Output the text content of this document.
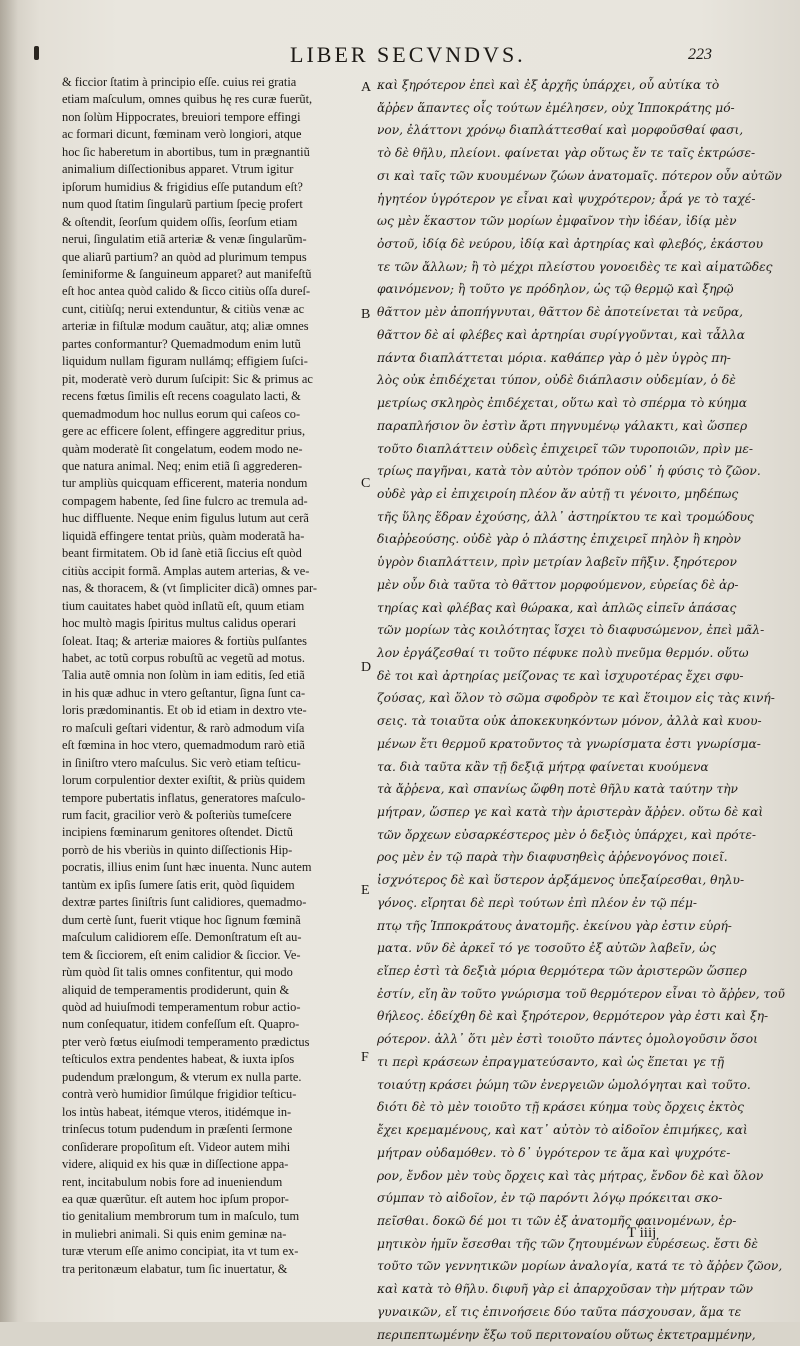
LIBER SECVNDVS.	223
& ficcior ſtatim à principio eſſe. cuius rei gratia
etiam maſculum, omnes quibus hę res curæ fuerũt,
non ſolùm Hippocrates, breuiori tempore effingi
ac formari dicunt, fœminam verò longiori, atque
hoc ſic haberetum in abortibus, tum in prægnantiũ
animalium diſſectionibus apparet. Vtrum igitur
ipſorum humidius & frigidius eſſe putandum eſt?
num quod ſtatim ſingularũ partium ſpecie̱ profert
& oſtendit, ſeorſum quidem oſſis, ſeorſum etiam
nerui, ſingulatim etiã arteriæ & venæ ſingularũm-
que aliarũ partium? an quòd ad plurimum tempus
ſeminiforme & ſanguineum apparet? aut manifeſtũ
eſt hoc antea quòd calido & ſicco citiùs oſſa dureſ-
cunt, citiùſq; nerui extenduntur, & citiùs venæ ac
arteriæ in fiſtulæ modum cauãtur, atq; aliæ omnes
partes conformantur? Quemadmodum enim lutũ
liquidum nullam figuram nullámq; effigiem ſuſci-
pit, moderatè verò durum ſuſcipit: Sic & primus ac
recens fœtus ſimilis eſt recens coagulato lacti, &
quemadmodum hoc nullus eorum qui caſeos co-
gere ac efficere ſolent, effingere aggreditur prius,
quàm moderatè ſit congelatum, eodem modo ne-
que natura animal. Neq; enim etiã ſi aggrederen-
tur ampliùs quicquam efficerent, materia nondum
compagem habente, ſed ſine fulcro ac tremula ad-
huc diffluente. Neque enim figulus lutum aut cerã
liquidã effingere tentat priùs, quàm moderatã ha-
beant firmitatem. Ob id ſanè etiã ſiccius eſt quòd
citiùs accipit formã. Amplas autem arterias, & ve-
nas, & thoracem, & (vt ſimpliciter dicã) omnes par-
tium cauitates habet quòd inſlatũ eſt, quum etiam
hoc multò magis ſpiritus multus calidus operari
ſoleat. Itaq; & arteriæ maiores & fortiùs pulſantes
habet, ac totũ corpus robuſtũ ac vegetũ ad motus.
Talia autẽ omnia non ſolùm in iam editis, ſed etiã
in his quæ adhuc in vtero geſtantur, ſigna ſunt ca-
loris prædominantis. Et ob id etiam in dextro vte-
ro maſculi geſtari videntur, & rarò admodum viſa
eſt fœmina in hoc vtero, quemadmodum rarò etiã
in ſiniſtro vtero maſculus. Sic verò etiam teſticu-
lorum corpulentior dexter exiſtit, & priùs quidem
tempore pubertatis inflatus, generatores maſculo-
rum facit, gracilior verò & poſteriùs tumeſcere
incipiens fœminarum genitores oſtendet. Dictũ
porrò de his vberiùs in quinto diſſectionis Hip-
pocratis, illius enim ſunt hæc inuenta. Nunc autem
tantùm ex ipſis ſumere ſatis erit, quòd ſiquidem
dextræ partes ſiniſtris ſunt calidiores, quemadmo-
dum certè ſunt, fuerit vtique hoc ſignum fœminã
maſculum calidiorem eſſe. Demonſtratum eſt au-
tem & ſicciorem, eſt enim calidior & ſiccior. Ve-
rùm quòd ſit talis omnes confitentur, qui modo
aliquid de temperamentis prodiderunt, quin &
quòd ad huiuſmodi temperamentum robur actio-
num conſequatur, itidem confeſſum eſt. Quapro-
pter verò fœtus eiuſmodi temperamento prædictus
teſticulos extra pendentes habeat, & iuxta ipſos
pudendum prælongum, & vterum ex nulla parte.
contrà verò humidior ſimúlque frigidior teſticu-
los intùs habeat, itémque vteros, itidémque in-
trinſecus totum pudendum in præſenti ſermone
conſiderare propoſitum eſt. Videor autem mihi
videre, aliquid ex his quæ in diſſectione appa-
rent, incitabulum nobis fore ad inueniendum
ea quæ quærũtur. eſt autem hoc ipſum propor-
tio genitalium membrorum tum in maſculo, tum
in muliebri animali. Si quis enim geminæ na-
turæ vterum eſſe animo concipiat, ita vt tum ex-
tra peritonæum elabatur, tum ſic inuertatur, &
A
B
C
D
E
F
καὶ ξηρότερον ἐπεὶ καὶ ἐξ ἀρχῆς ὑπάρχει, οὗ αὐτίκα τὸ
ἄῤῥεν ἅπαντες οἷς τούτων ἐμέλησεν, οὐχ Ἱπποκράτης μό-
νον, ἐλάττονι χρόνῳ διαπλάττεσθαί καὶ μορφοῦσθαί φασι,
τὸ δὲ θῆλυ, πλείονι. φαίνεται γὰρ οὕτως ἔν τε ταῖς ἐκτρώσε-
σι καὶ ταῖς τῶν κυουμένων ζώων ἀνατομαῖς. πότερον οὖν αὐτῶν
ἡγητέον ὑγρότερον γε εἶναι καὶ ψυχρότερον; ἆρά γε τὸ ταχέ-
ως μὲν ἕκαστον τῶν μορίων ἐμφαῖνον τὴν ἰδέαν, ἰδίᾳ μὲν
ὀστοῦ, ἰδίᾳ δὲ νεύρου, ἰδίᾳ καὶ ἀρτηρίας καὶ φλεβός, ἑκάστου
τε τῶν ἄλλων; ἢ τὸ μέχρι πλείστου γονοειδὲς τε καὶ αἱματῶδες
φαινόμενον; ἢ τοῦτο γε πρόδηλον, ὡς τῷ θερμῷ καὶ ξηρῷ
θᾶττον μὲν ἀποπήγνυται, θᾶττον δὲ ἀποτείνεται τὰ νεῦρα,
θᾶττον δὲ αἱ φλέβες καὶ ἀρτηρίαι συρίγγοῦνται, καὶ τἆλλα
πάντα διαπλάττεται μόρια. καθάπερ γὰρ ὁ μὲν ὑγρὸς πη-
λὸς οὐκ ἐπιδέχεται τύπον, οὐδὲ διάπλασιν οὐδεμίαν, ὁ δὲ
μετρίως σκληρὸς ἐπιδέχεται, οὕτω καὶ τὸ σπέρμα τὸ κύημα
παραπλήσιον ὂν ἐστὶν ἄρτι πηγνυμένῳ γάλακτι, καὶ ὥσπερ
τοῦτο διαπλάττειν οὐδεὶς ἐπιχειρεῖ τῶν τυροποιῶν, πρὶν με-
τρίως παγῆναι, κατὰ τὸν αὐτὸν τρόπον οὐδ᾽ ἡ φύσις τὸ ζῶον.
οὐδὲ γὰρ εἰ ἐπιχειροίη πλέον ἄν αὐτῇ τι γένοιτο, μηδέπως
τῆς ὕλης ἕδραν ἐχούσης, ἀλλ᾽ ἀστηρίκτου τε καὶ τρομώδους
διαῤῥεούσης. οὐδὲ γὰρ ὁ πλάστης ἐπιχειρεῖ πηλὸν ἢ κηρὸν
ὑγρὸν διαπλάττειν, πρὶν μετρίαν λαβεῖν πῆξιν. ξηρότερον
μὲν οὖν διὰ ταῦτα τὸ θᾶττον μορφούμενον, εὐρείας δὲ ἀρ-
τηρίας καὶ φλέβας καὶ θώρακα, καὶ ἁπλῶς εἰπεῖν ἁπάσας
τῶν μορίων τὰς κοιλότητας ἴσχει τὸ διαφυσώμενον, ἐπεὶ μᾶλ-
λον ἐργάζεσθαί τι τοῦτο πέφυκε πολὺ πνεῦμα θερμόν. οὕτω
δὲ τοι καὶ ἀρτηρίας μείζονας τε καὶ ἰσχυροτέρας ἔχει σφυ-
ζούσας, καὶ ὅλον τὸ σῶμα σφοδρὸν τε καὶ ἕτοιμον εἰς τὰς κινή-
σεις. τὰ τοιαῦτα οὐκ ἀποκεκυηκόντων μόνον, ἀλλὰ καὶ κυου-
μένων ἔτι θερμοῦ κρατοῦντος τὰ γνωρίσματα ἐστι γνωρίσμα-
τα. διὰ ταῦτα κἂν τῇ δεξιᾷ μήτρᾳ φαίνεται κυούμενα
τὰ ἄῤῥενα, καὶ σπανίως ὤφθη ποτὲ θῆλυ κατὰ ταύτην τὴν
μήτραν, ὥσπερ γε καὶ κατὰ τὴν ἀριστερὰν ἄῤῥεν. οὕτω δὲ καὶ
τῶν ὄρχεων εὐσαρκέστερος μὲν ὁ δεξιὸς ὑπάρχει, καὶ πρότε-
ρος μὲν ἐν τῷ παρὰ τὴν διαφυσηθεὶς ἀῤῥενογόνος ποιεῖ.
ἰσχνότερος δὲ καὶ ὕστερον ἀρξάμενος ὑπεξαίρεσθαι, θηλυ-
γόνος. εἴρηται δὲ περὶ τούτων ἐπὶ πλέον ἐν τῷ πέμ-
πτῳ τῆς Ἱπποκράτους ἀνατομῆς. ἐκείνου γὰρ ἐστιν εὑρή-
ματα. νῦν δὲ ἀρκεῖ τό γε τοσοῦτο ἐξ αὐτῶν λαβεῖν, ὡς
εἴπερ ἐστὶ τὰ δεξιὰ μόρια θερμότερα τῶν ἀριστερῶν ὥσπερ
ἐστίν, εἴη ἂν τοῦτο γνώρισμα τοῦ θερμότερον εἶναι τὸ ἄῤῥεν, τοῦ
θήλεος. ἐδείχθη δὲ καὶ ξηρότερον, θερμότερον γὰρ ἐστι καὶ ξη-
ρότερον. ἀλλ᾽ ὅτι μὲν ἐστὶ τοιοῦτο πάντες ὁμολογοῦσιν ὅσοι
τι περὶ κράσεων ἐπραγματεύσαντο, καὶ ὡς ἕπεται γε τῇ
τοιαύτῃ κράσει ῥώμη τῶν ἐνεργειῶν ὡμολόγηται καὶ τοῦτο.
διότι δὲ τὸ μὲν τοιοῦτο τῇ κράσει κύημα τοὺς ὄρχεις ἐκτὸς
ἔχει κρεμαμένους, καὶ κατ᾽ αὐτὸν τὸ αἰδοῖον ἐπιμήκες, καὶ
μήτραν οὐδαμόθεν. τὸ δ᾽ ὑγρότερον τε ἅμα καὶ ψυχρότε-
ρον, ἔνδον μὲν τοὺς ὄρχεις καὶ τὰς μήτρας, ἔνδον δὲ καὶ ὅλον
σύμπαν τὸ αἰδοῖον, ἐν τῷ παρόντι λόγῳ πρόκειται σκο-
πεῖσθαι. δοκῶ δέ μοι τι τῶν ἐξ ἀνατομῆς φαινομένων, ἑρ-
μητικὸν ἡμῖν ἔσεσθαι τῆς τῶν ζητουμένων εὑρέσεως. ἔστι δὲ
τοῦτο τῶν γεννητικῶν μορίων ἀναλογία, κατά τε τὸ ἄῤῥεν ζῶον,
καὶ κατὰ τὸ θῆλυ. διφυῆ γὰρ εἰ ἀπαρχοῦσαν τὴν μήτραν τῶν
γυναικῶν, εἴ τις ἐπινοήσειε δύο ταῦτα πάσχουσαν, ἅμα τε
περιπεπτωμένην ἔξω τοῦ περιτοναίου οὕτως ἐκτετραμμένην,
T iiij
